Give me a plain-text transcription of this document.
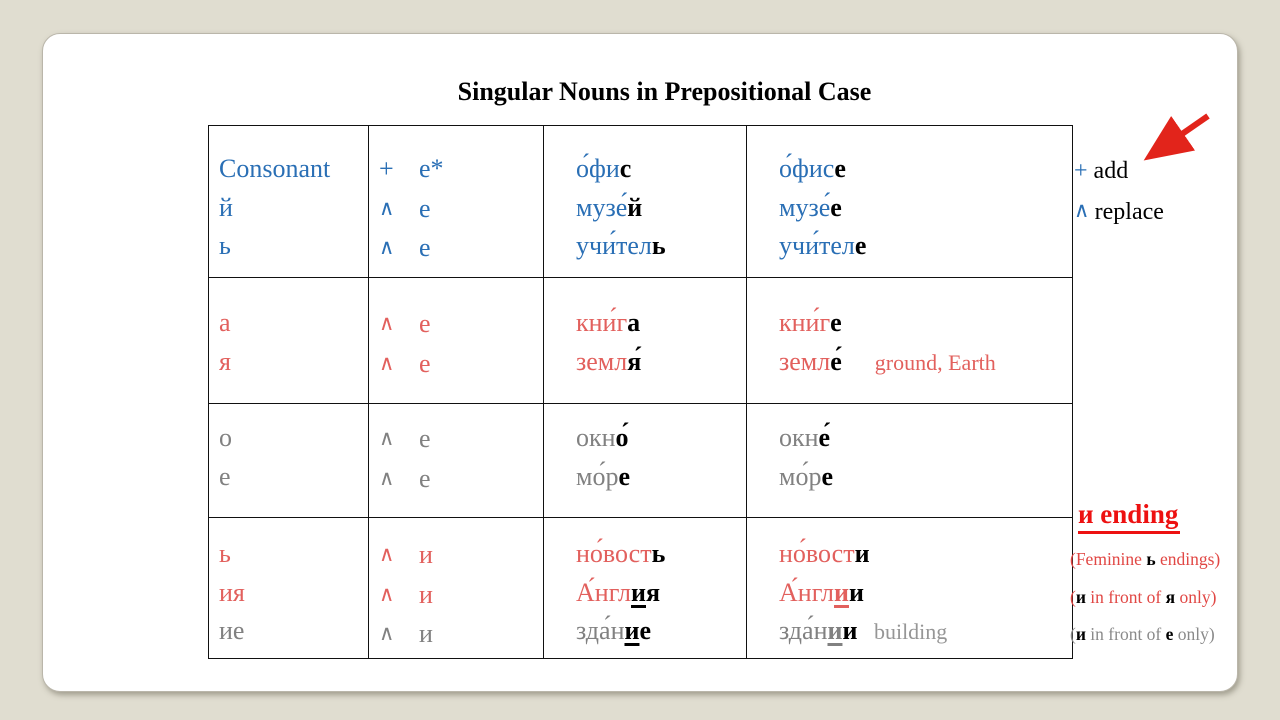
Singular Nouns in Prepositional Case
Consonant
й
ь
+ е*
∧ е
∧ е
о́фис
музе́й
учи́тель
о́фисе
музе́е
учи́теле
а
я
∧ е
∧ е
кни́га
земля́
кни́ге
земле́      ground, Earth
о
е
∧ е
∧ е
окно́
мо́ре
окне́
мо́ре
ь
ия
ие
∧ и
∧ и
∧ и
но́вость
А́нглия
зда́ние
но́вости
А́нглии
зда́нии   building
+ add
∧ replace
и ending
(Feminine ь endings)
(и in front of я only)
(и in front of е only)
